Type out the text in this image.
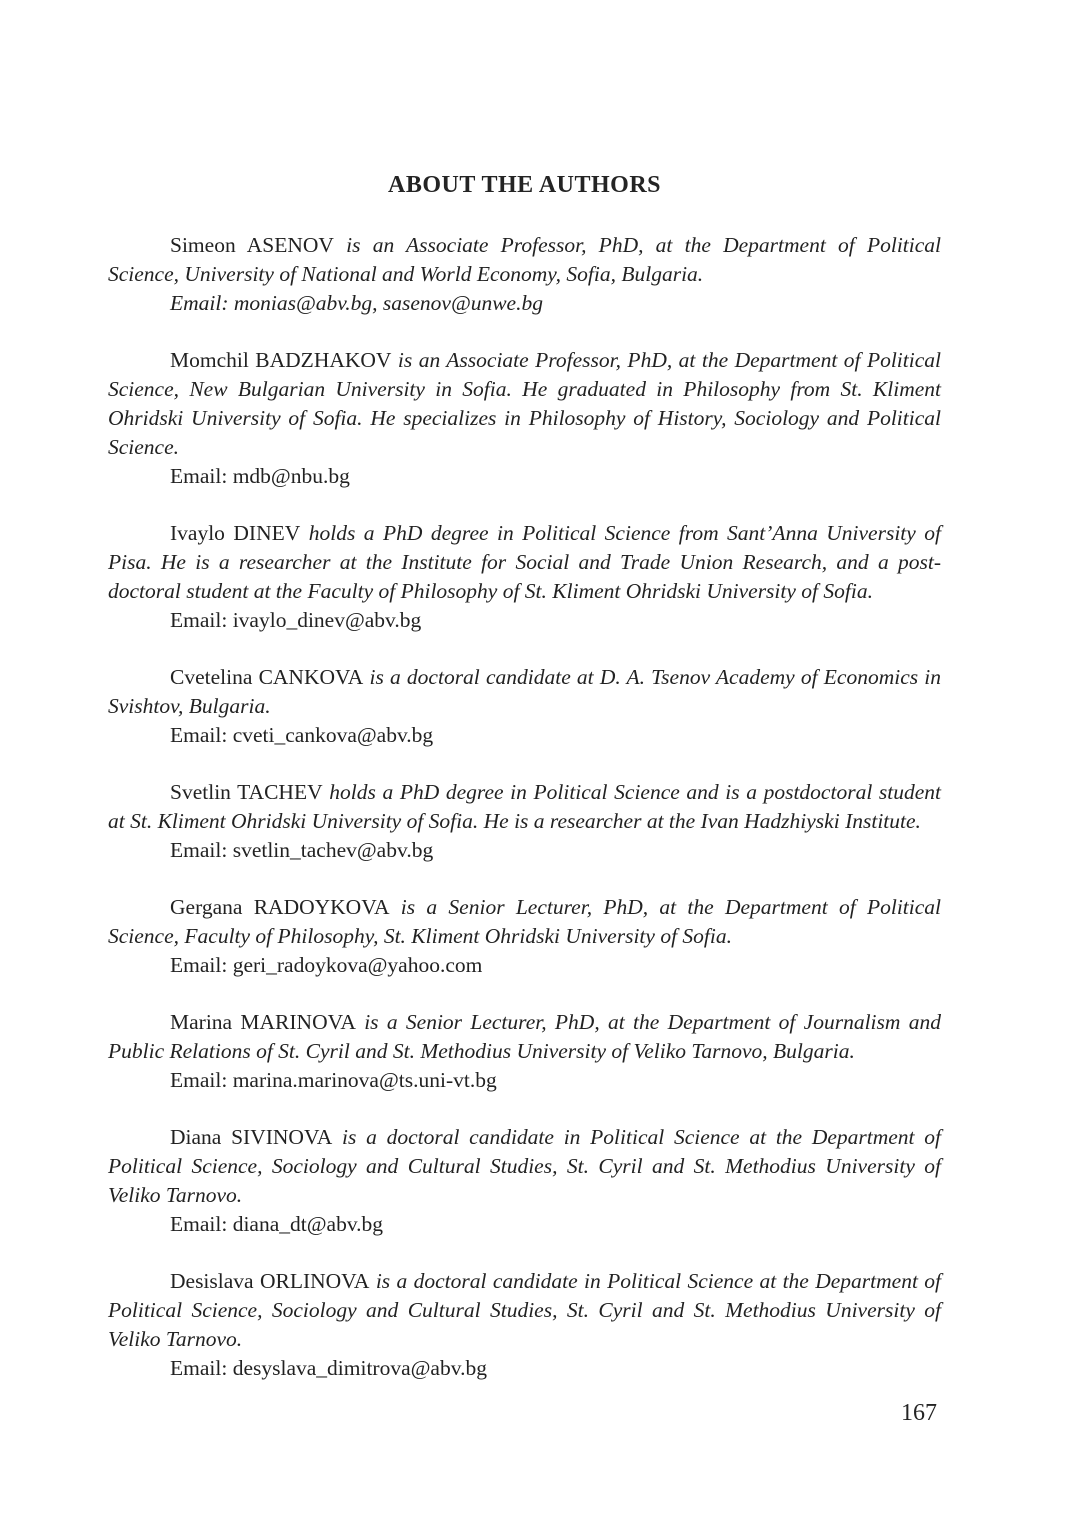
ABOUT THE AUTHORS

Simeon ASENOV is an Associate Professor, PhD, at the Department of Political Science, University of National and World Economy, Sofia, Bulgaria.

Email: monias@abv.bg, sasenov@unwe.bg

Momchil BADZHAKOV is an Associate Professor, PhD, at the Department of Political Science, New Bulgarian University in Sofia. He graduated in Philosophy from St. Kliment Ohridski University of Sofia. He specializes in Philosophy of History, Sociology and Political Science.

Email: mdb@nbu.bg

Ivaylo DINEV holds a PhD degree in Political Science from Sant’Anna University of Pisa. He is a researcher at the Institute for Social and Trade Union Research, and a post-doctoral student at the Faculty of Philosophy of St. Kliment Ohridski University of Sofia.

Email: ivaylo_dinev@abv.bg

Cvetelina CANKOVA is a doctoral candidate at D. A. Tsenov Academy of Economics in Svishtov, Bulgaria.

Email: cveti_cankova@abv.bg

Svetlin TACHEV holds a PhD degree in Political Science and is a postdoctoral student at St. Kliment Ohridski University of Sofia. He is a researcher at the Ivan Hadzhiyski Institute.

Email: svetlin_tachev@abv.bg

Gergana RADOYKOVA is a Senior Lecturer, PhD, at the Department of Political Science, Faculty of Philosophy, St. Kliment Ohridski University of Sofia.

Email: geri_radoykova@yahoo.com

Marina MARINOVA is a Senior Lecturer, PhD, at the Department of Journalism and Public Relations of St. Cyril and St. Methodius University of Veliko Tarnovo, Bulgaria.

Email: marina.marinova@ts.uni-vt.bg

Diana SIVINOVA is a doctoral candidate in Political Science at the Department of Political Science, Sociology and Cultural Studies, St. Cyril and St. Methodius University of Veliko Tarnovo.

Email: diana_dt@abv.bg

Desislava ORLINOVA is a doctoral candidate in Political Science at the Department of Political Science, Sociology and Cultural Studies, St. Cyril and St. Methodius University of Veliko Tarnovo.

Email: desyslava_dimitrova@abv.bg

167
